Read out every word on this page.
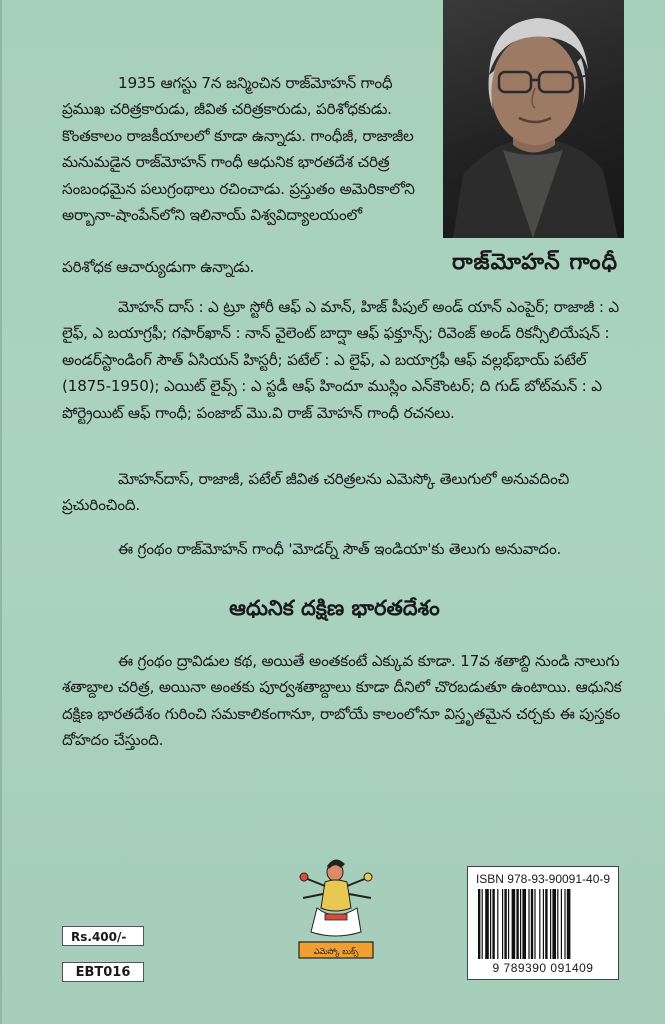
రాజ్‌మోహన్ గాంధీ

1935 ఆగస్టు 7న జన్మించిన రాజ్‌మోహన్ గాంధీ ప్రముఖ చరిత్రకారుడు, జీవిత చరిత్రకారుడు, పరిశోధకుడు. కొంతకాలం రాజకీయాలలో కూడా ఉన్నాడు. గాంధీజీ, రాజాజీల మనుమడైన రాజ్‌మోహన్ గాంధీ ఆధునిక భారతదేశ చరిత్ర సంబంధమైన పలుగ్రంథాలు రచించాడు. ప్రస్తుతం అమెరికాలోని అర్బానా-షాంపేన్‌లోని ఇలినాయ్ విశ్వవిద్యాలయంలో

పరిశోధక ఆచార్యుడుగా ఉన్నాడు.

మోహన్ దాస్ : ఎ ట్రూ స్టోరీ ఆఫ్ ఎ మాన్, హిజ్ పీపుల్ అండ్ యాన్ ఎంపైర్; రాజాజీ : ఎ లైఫ్, ఎ బయాగ్రఫీ; గఫార్‌ఖాన్ : నాన్ వైలెంట్ బాద్షా ఆఫ్ ఫక్తూన్స్; రివెంజ్ అండ్ రికన్సీలియేషన్ : అండర్‌స్టాండింగ్ సౌత్ ఏసియన్ హిస్టరీ; పటేల్ : ఎ లైఫ్, ఎ బయాగ్రఫీ ఆఫ్ వల్లభ్‌భాయ్ పటేల్ (1875-1950); ఎయిట్ లైవ్స్ : ఎ స్టడీ ఆఫ్ హిందూ ముస్లిం ఎన్‌కౌంటర్; ది గుడ్ బోట్‌మన్ : ఎ పోర్ట్రెయిట్ ఆఫ్ గాంధీ; పంజాబ్ మొ.వి రాజ్ మోహన్ గాంధీ రచనలు.

మోహన్‌దాస్, రాజాజీ, పటేల్ జీవిత చరిత్రలను ఎమెస్కో తెలుగులో అనువదించి ప్రచురించింది.

ఈ గ్రంథం రాజ్‌మోహన్ గాంధీ 'మోడర్న్ సౌత్ ఇండియా'కు తెలుగు అనువాదం.

ఆధునిక దక్షిణ భారతదేశం

ఈ గ్రంథం ద్రావిడుల కథ, అయితే అంతకంటే ఎక్కువ కూడా. 17వ శతాబ్ది నుండి నాలుగు శతాబ్దాల చరిత్ర, అయినా అంతకు పూర్వశతాబ్దాలు కూడా దీనిలో చొరబడుతూ ఉంటాయి. ఆధునిక దక్షిణ భారతదేశం గురించి సమకాలికంగానూ, రాబోయే కాలంలోనూ విస్తృతమైన చర్చకు ఈ పుస్తకం దోహదం చేస్తుంది.

ఎమెస్కో బుక్స్
Rs.400/-
EBT016
ISBN 978-93-90091-40-9
9 789390 091409
